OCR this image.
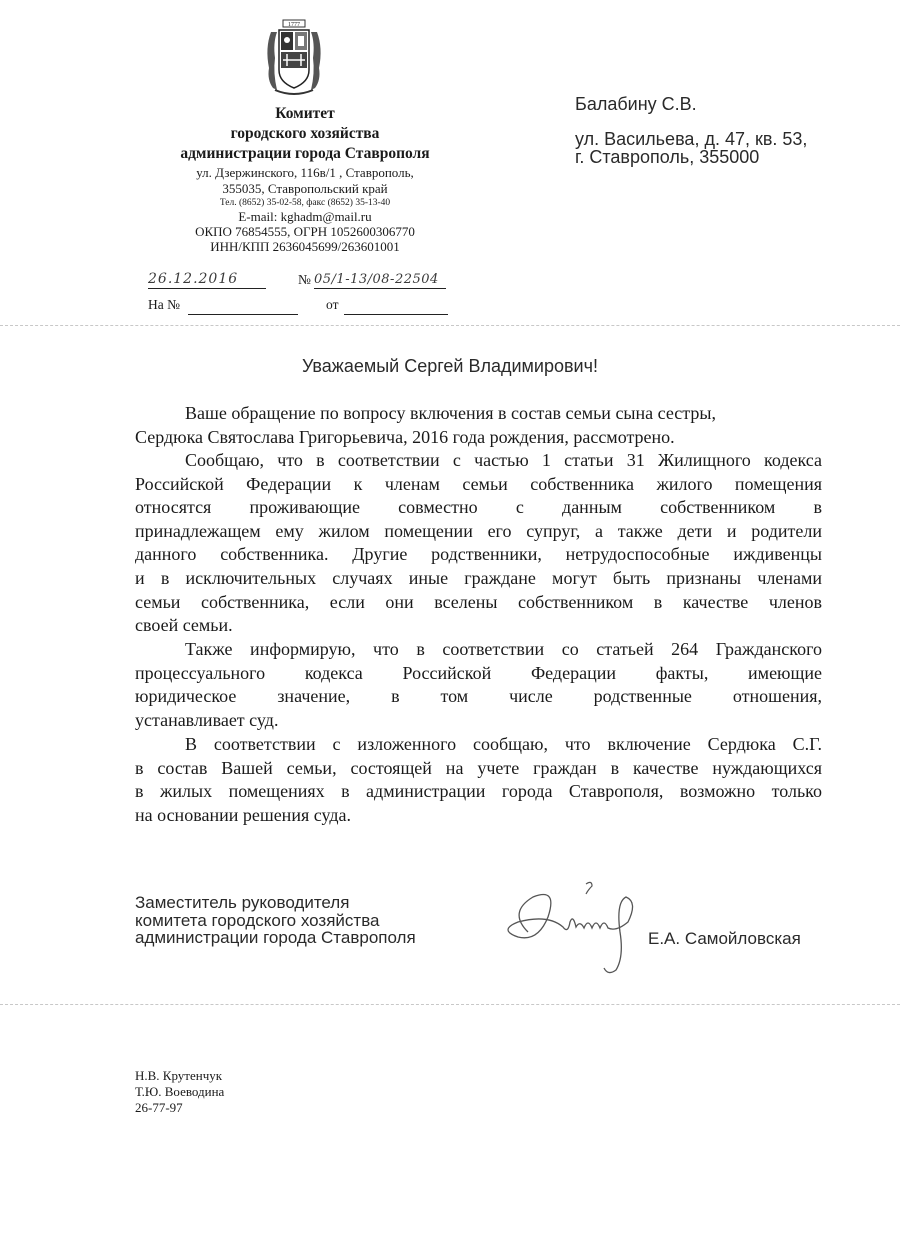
1777
Комитет
городского хозяйства
администрации города Ставрополя
ул. Дзержинского, 116в/1 , Ставрополь,
355035, Ставропольский край
Тел. (8652) 35-02-58, факс (8652) 35-13-40
E-mail: kghadm@mail.ru
ОКПО 76854555, ОГРН 1052600306770
ИНН/КПП 2636045699/263601001
Балабину С.В.
ул. Васильева, д. 47, кв. 53,
г. Ставрополь, 355000
26.12.2016	№ 05/1-13/08-22504
На №	от
Уважаемый Сергей Владимирович!
Ваше обращение по вопросу включения в состав семьи сына сестры,
Сердюка Святослава Григорьевича, 2016 года рождения, рассмотрено.
Сообщаю, что в соответствии с частью 1 статьи 31 Жилищного кодекса
Российской Федерации к членам семьи собственника жилого помещения
относятся проживающие совместно с данным собственником в
принадлежащем ему жилом помещении его супруг, а также дети и родители
данного собственника. Другие родственники, нетрудоспособные иждивенцы
и в исключительных случаях иные граждане могут быть признаны членами
семьи собственника, если они вселены собственником в качестве членов
своей семьи.
Также информирую, что в соответствии со статьей 264 Гражданского
процессуального кодекса Российской Федерации факты, имеющие
юридическое значение, в том числе родственные отношения,
устанавливает суд.
В соответствии с изложенного сообщаю, что включение Сердюка С.Г.
в состав Вашей семьи, состоящей на учете граждан в качестве нуждающихся
в жилых помещениях в администрации города Ставрополя, возможно только
на основании решения суда.
Заместитель руководителя
комитета городского хозяйства
администрации города Ставрополя	Е.А. Самойловская
Н.В. Крутенчук
Т.Ю. Воеводина
26-77-97
